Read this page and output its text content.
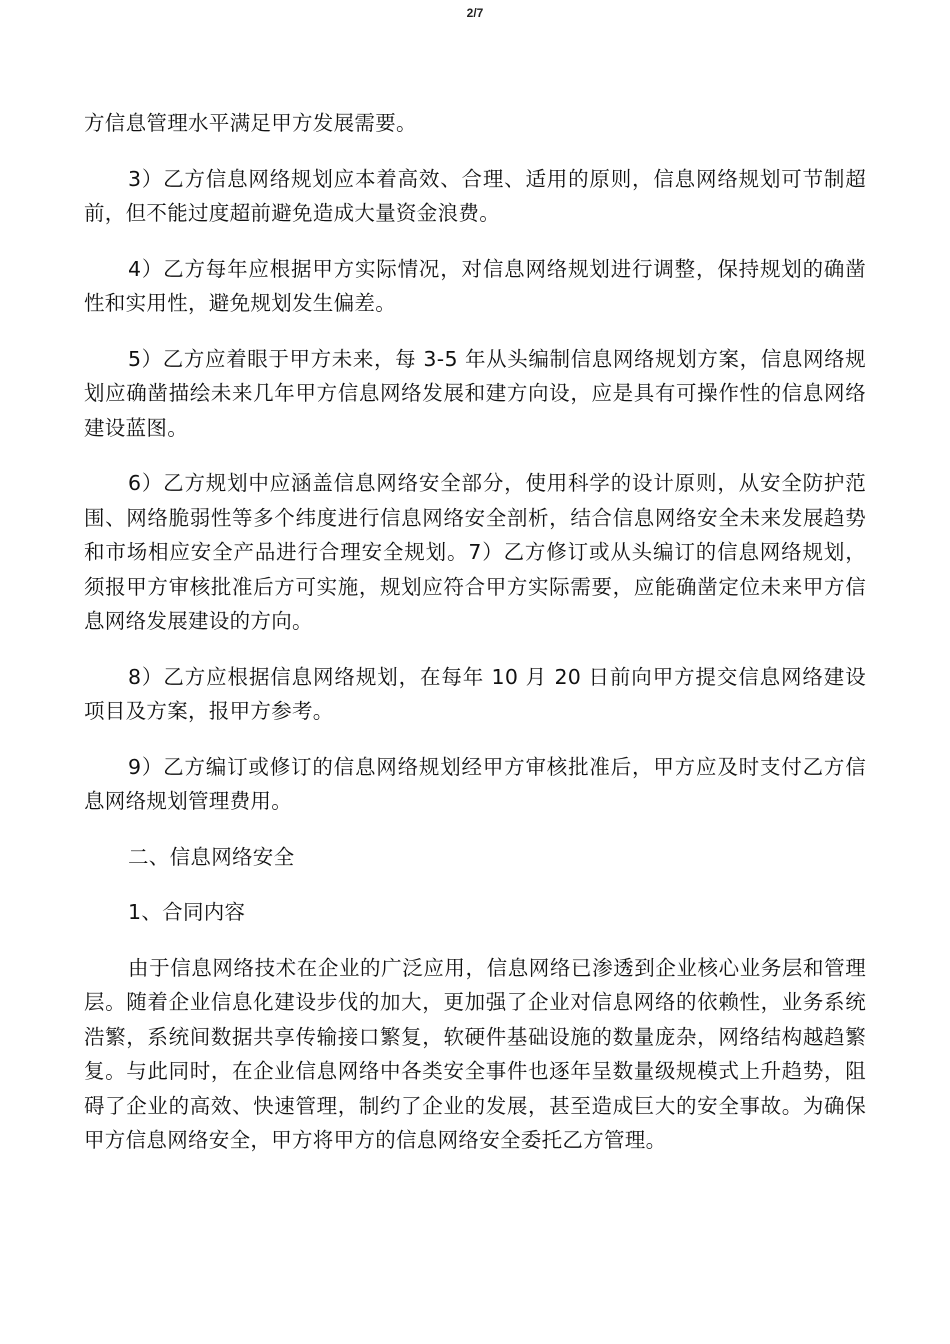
2/7

方信息管理水平满足甲方发展需要。

3）乙方信息网络规划应本着高效、合理、适用的原则，信息网络规划可节制超前，但不能过度超前避免造成大量资金浪费。

4）乙方每年应根据甲方实际情况，对信息网络规划进行调整，保持规划的确凿性和实用性，避免规划发生偏差。

5）乙方应着眼于甲方未来，每 3-5 年从头编制信息网络规划方案，信息网络规划应确凿描绘未来几年甲方信息网络发展和建方向设，应是具有可操作性的信息网络建设蓝图。

6）乙方规划中应涵盖信息网络安全部分，使用科学的设计原则，从安全防护范围、网络脆弱性等多个纬度进行信息网络安全剖析，结合信息网络安全未来发展趋势和市场相应安全产品进行合理安全规划。7）乙方修订或从头编订的信息网络规划，须报甲方审核批准后方可实施，规划应符合甲方实际需要，应能确凿定位未来甲方信息网络发展建设的方向。

8）乙方应根据信息网络规划，在每年 10 月 20 日前向甲方提交信息网络建设项目及方案，报甲方参考。

9）乙方编订或修订的信息网络规划经甲方审核批准后，甲方应及时支付乙方信息网络规划管理费用。

二、信息网络安全

1、合同内容

由于信息网络技术在企业的广泛应用，信息网络已渗透到企业核心业务层和管理层。随着企业信息化建设步伐的加大，更加强了企业对信息网络的依赖性，业务系统浩繁，系统间数据共享传输接口繁复，软硬件基础设施的数量庞杂，网络结构越趋繁复。与此同时，在企业信息网络中各类安全事件也逐年呈数量级规模式上升趋势，阻碍了企业的高效、快速管理，制约了企业的发展，甚至造成巨大的安全事故。为确保甲方信息网络安全，甲方将甲方的信息网络安全委托乙方管理。
